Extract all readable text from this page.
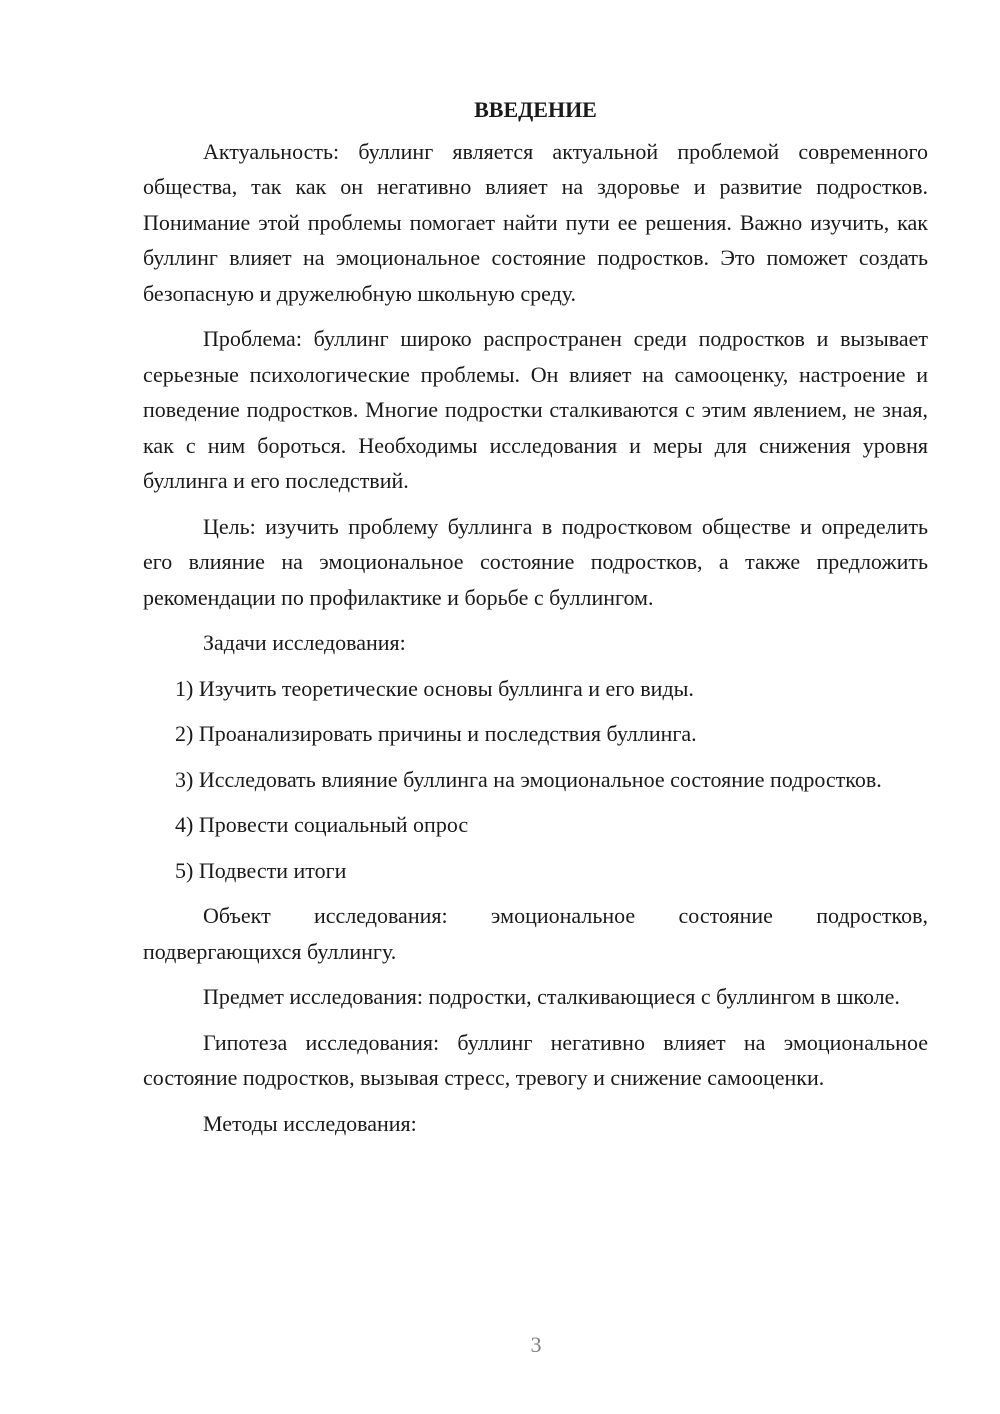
ВВЕДЕНИЕ

Актуальность: буллинг является актуальной проблемой современного общества, так как он негативно влияет на здоровье и развитие подростков. Понимание этой проблемы помогает найти пути ее решения. Важно изучить, как буллинг влияет на эмоциональное состояние подростков. Это поможет создать безопасную и дружелюбную школьную среду.

Проблема: буллинг широко распространен среди подростков и вызывает серьезные психологические проблемы. Он влияет на самооценку, настроение и поведение подростков. Многие подростки сталкиваются с этим явлением, не зная, как с ним бороться. Необходимы исследования и меры для снижения уровня буллинга и его последствий.

Цель: изучить проблему буллинга в подростковом обществе и определить его влияние на эмоциональное состояние подростков, а также предложить рекомендации по профилактике и борьбе с буллингом.

Задачи исследования:

1) Изучить теоретические основы буллинга и его виды.

2) Проанализировать причины и последствия буллинга.

3) Исследовать влияние буллинга на эмоциональное состояние подростков.

4) Провести социальный опрос

5) Подвести итоги

Объект исследования: эмоциональное состояние подростков, подвергающихся буллингу.

Предмет исследования: подростки, сталкивающиеся с буллингом в школе.

Гипотеза исследования: буллинг негативно влияет на эмоциональное состояние подростков, вызывая стресс, тревогу и снижение самооценки.

Методы исследования:

3
